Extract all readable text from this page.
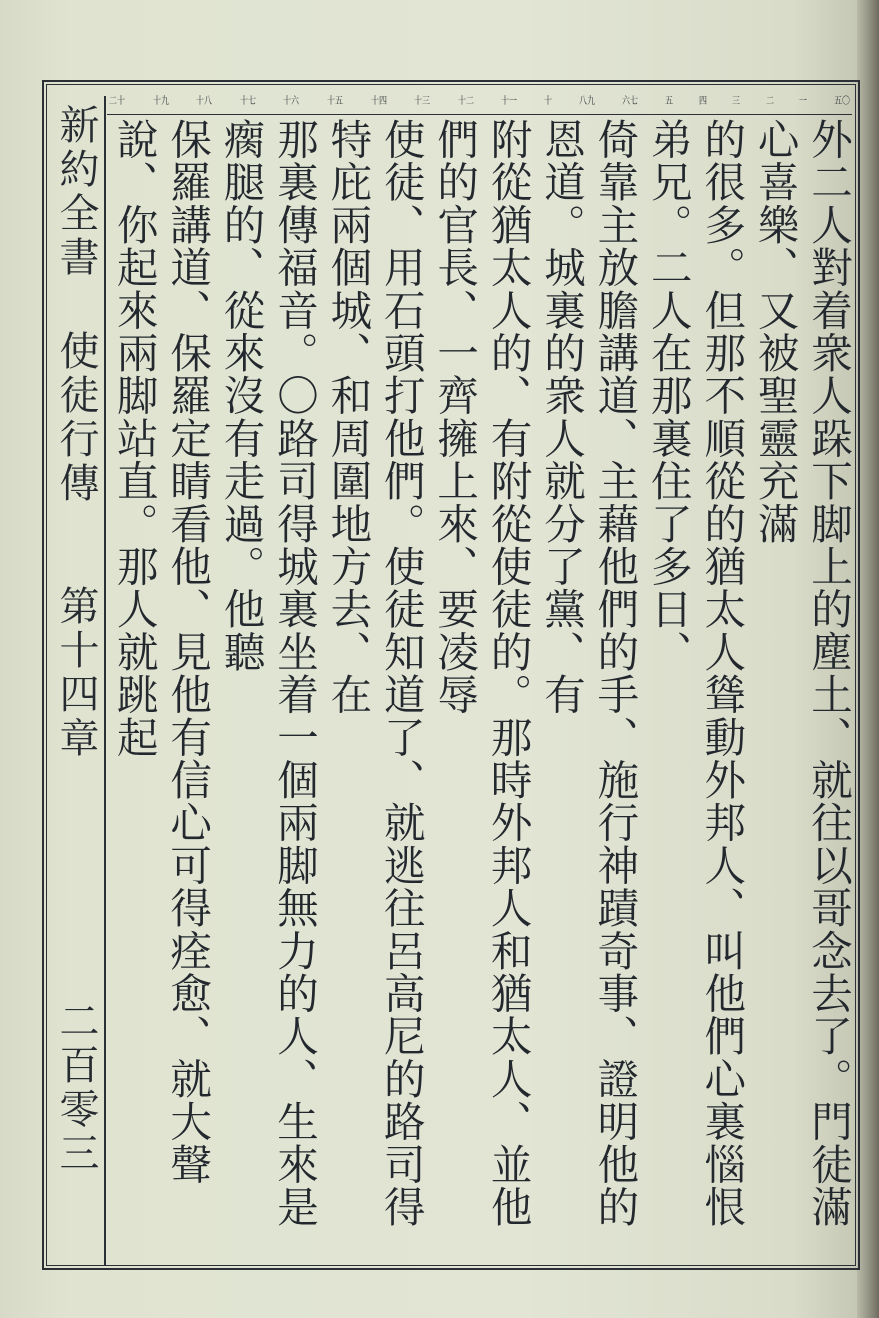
新約全書
使徒行傳
第十四章
二百零三
五〇
一
二
三
四
五
六七
八九
十
十一
十二
十三
十四
十五
十六
十七
十八
十九
二十
外二人對着衆人跺下脚上的塵土、就往以哥念去了。門徒滿心喜樂、又被聖靈充滿
的很多。但那不順從的猶太人聳動外邦人、叫他們心裏惱恨弟兄。二人在那裏住了多日、
倚靠主放膽講道、主藉他們的手、施行神蹟奇事、證明他的恩道。城裏的衆人就分了黨、有
附從猶太人的、有附從使徒的。那時外邦人和猶太人、並他們的官長、一齊擁上來、要凌辱
使徒、用石頭打他們。使徒知道了、就逃往呂高尼的路司得特庇兩個城、和周圍地方去、在
那裏傳福音。〇路司得城裏坐着一個兩脚無力的人、生來是瘸腿的、從來沒有走過。他聽
保羅講道、保羅定睛看他、見他有信心可得痊愈、就大聲說、你起來兩脚站直。那人就跳起
